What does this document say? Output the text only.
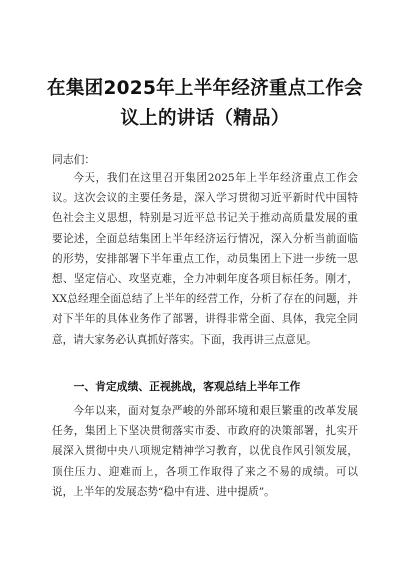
在集团2025年上半年经济重点工作会议上的讲话（精品）
同志们：

今天，我们在这里召开集团2025年上半年经济重点工作会议。这次会议的主要任务是，深入学习贯彻习近平新时代中国特色社会主义思想，特别是习近平总书记关于推动高质量发展的重要论述，全面总结集团上半年经济运行情况，深入分析当前面临的形势，安排部署下半年重点工作，动员集团上下进一步统一思想、坚定信心、攻坚克难，全力冲刺年度各项目标任务。刚才，XX总经理全面总结了上半年的经营工作，分析了存在的问题，并对下半年的具体业务作了部署，讲得非常全面、具体，我完全同意，请大家务必认真抓好落实。下面，我再讲三点意见。

一、肯定成绩、正视挑战，客观总结上半年工作

今年以来，面对复杂严峻的外部环境和艰巨繁重的改革发展任务，集团上下坚决贯彻落实市委、市政府的决策部署，扎实开展深入贯彻中央八项规定精神学习教育，以优良作风引领发展，顶住压力、迎难而上，各项工作取得了来之不易的成绩。可以说，上半年的发展态势“稳中有进、进中提质”。
